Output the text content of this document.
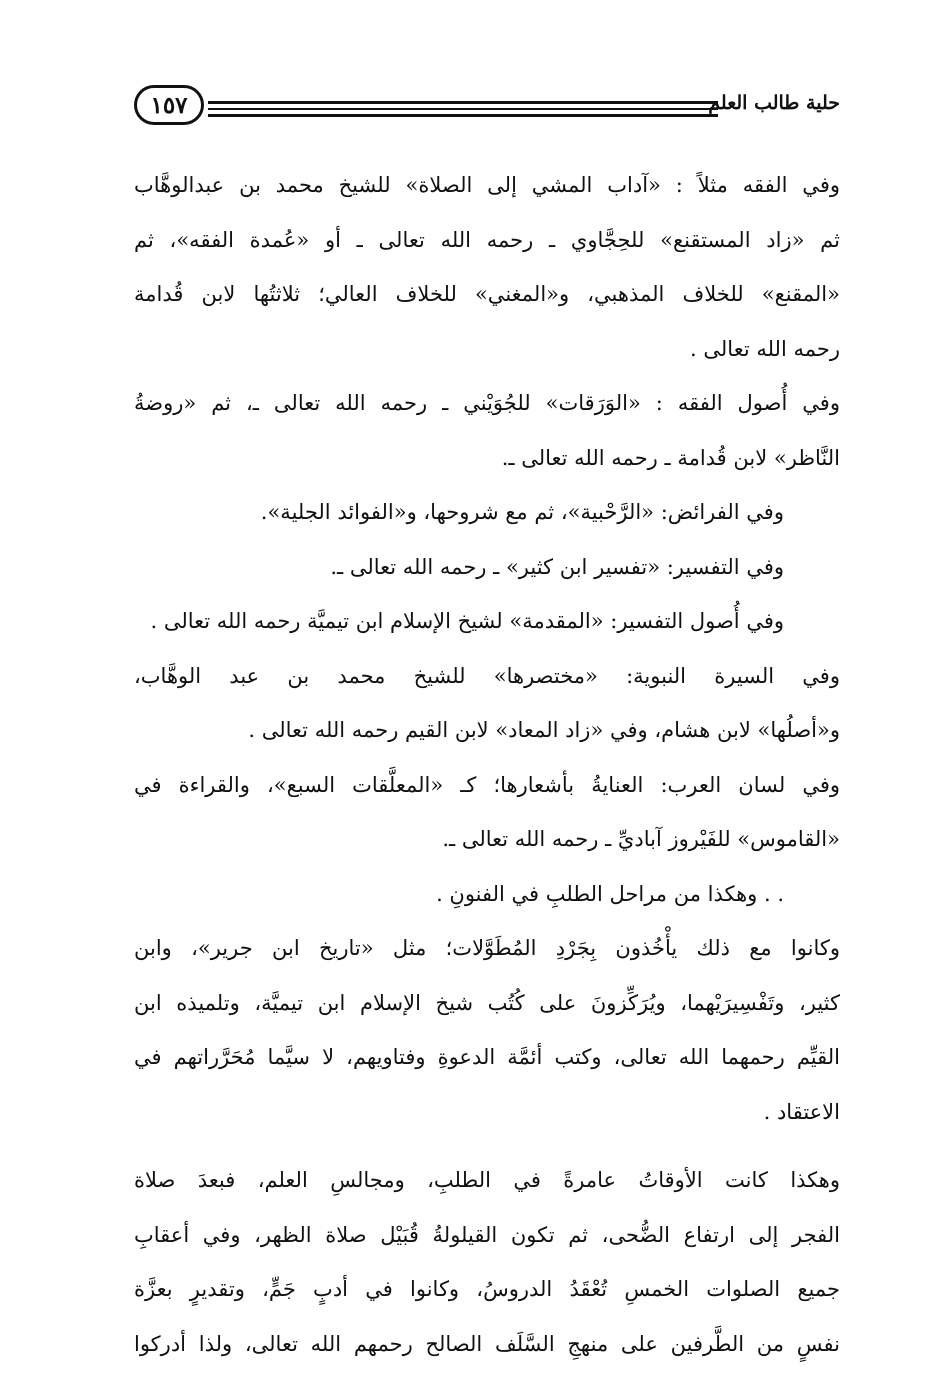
١٥٧	حلية طالب العلم
وفي الفقه مثلاً : «آداب المشي إلى الصلاة» للشيخ محمد بن عبدالوهَّاب
ثم «زاد المستقنع» للحِجَّاوي ـ رحمه الله تعالى ـ أو «عُمدة الفقه»، ثم
«المقنع» للخلاف المذهبي، و«المغني» للخلاف العالي؛ ثلاثتُها لابن قُدامة
رحمه الله تعالى .
وفي أُصول الفقه : «الوَرَقات» للجُوَيْني ـ رحمه الله تعالى ـ، ثم «روضةُ
النَّاظر» لابن قُدامة ـ رحمه الله تعالى ـ.
وفي الفرائض: «الرَّحْبية»، ثم مع شروحها، و«الفوائد الجلية».
وفي التفسير: «تفسير ابن كثير» ـ رحمه الله تعالى ـ.
وفي أُصول التفسير: «المقدمة» لشيخ الإسلام ابن تيميَّة رحمه الله تعالى .
وفي السيرة النبوية: «مختصرها» للشيخ محمد بن عبد الوهَّاب،
و«أصلُها» لابن هشام، وفي «زاد المعاد» لابن القيم رحمه الله تعالى .
وفي لسان العرب: العنايةُ بأشعارها؛ كـ «المعلَّقات السبع»، والقراءة في
«القاموس» للفَيْروز آباديِّ ـ رحمه الله تعالى ـ.
. . وهكذا من مراحل الطلبِ في الفنونِ .
وكانوا مع ذلك يأْخُذون بِجَرْدِ المُطَوَّلات؛ مثل «تاريخ ابن جرير»، وابن
كثير، وتَفْسِيرَيْهما، ويُرَكِّزونَ على كُتُب شيخ الإسلام ابن تيميَّة، وتلميذه ابن
القيِّم رحمهما الله تعالى، وكتب أئمَّة الدعوةِ وفتاويهم، لا سيَّما مُحَرَّراتهم في
الاعتقاد .
وهكذا كانت الأوقاتُ عامرةً في الطلبِ، ومجالسِ العلم، فبعدَ صلاة
الفجر إلى ارتفاع الضُّحى، ثم تكون القيلولةُ قُبَيْل صلاة الظهر، وفي أعقابِ
جميع الصلوات الخمسِ تُعْقَدُ الدروسُ، وكانوا في أدبٍ جَمٍّ، وتقديرٍ بعزَّة
نفسٍ من الطَّرفين على منهجِ السَّلَف الصالح رحمهم الله تعالى، ولذا أدركوا
